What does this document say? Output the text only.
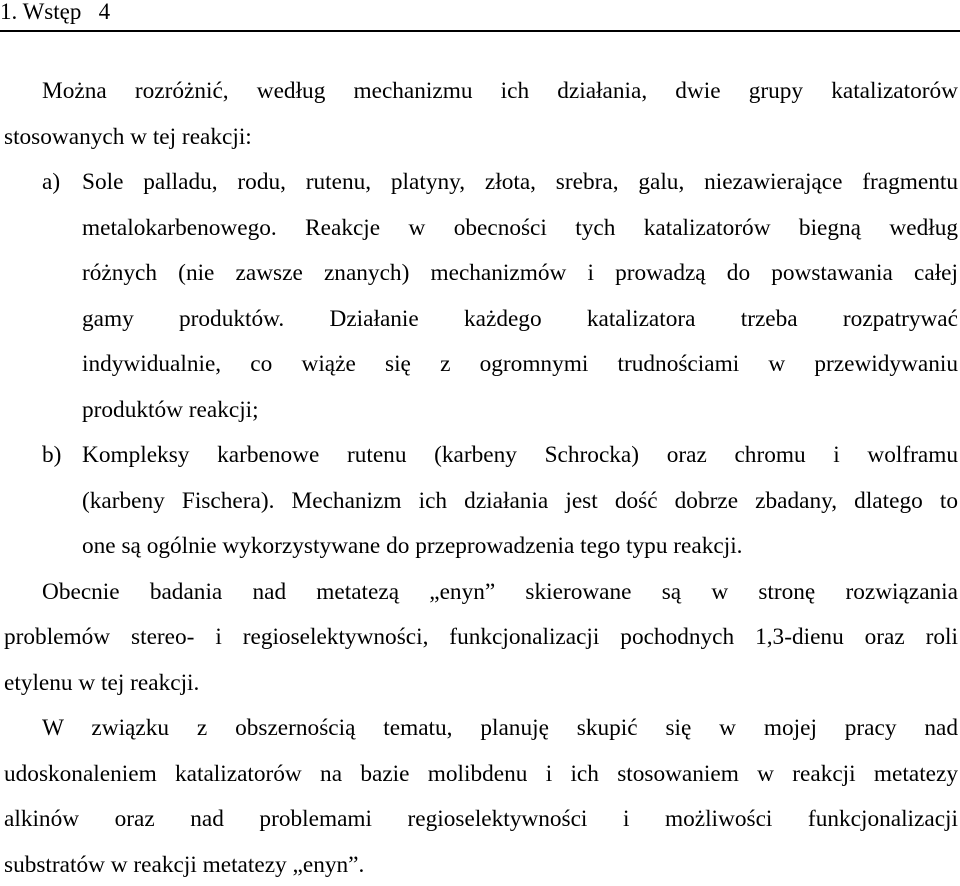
1. Wstęp 4
Można rozróżnić, według mechanizmu ich działania, dwie grupy katalizatorów
stosowanych w tej reakcji:
a) Sole palladu, rodu, rutenu, platyny, złota, srebra, galu, niezawierające fragmentu
metalokarbenowego. Reakcje w obecności tych katalizatorów biegną według
różnych (nie zawsze znanych) mechanizmów i prowadzą do powstawania całej
gamy produktów. Działanie każdego katalizatora trzeba rozpatrywać
indywidualnie, co wiąże się z ogromnymi trudnościami w przewidywaniu
produktów reakcji;
b) Kompleksy karbenowe rutenu (karbeny Schrocka) oraz chromu i wolframu
(karbeny Fischera). Mechanizm ich działania jest dość dobrze zbadany, dlatego to
one są ogólnie wykorzystywane do przeprowadzenia tego typu reakcji.
Obecnie badania nad metatezą „enyn” skierowane są w stronę rozwiązania
problemów stereo- i regioselektywności, funkcjonalizacji pochodnych 1,3-dienu oraz roli
etylenu w tej reakcji.
W związku z obszernością tematu, planuję skupić się w mojej pracy nad
udoskonaleniem katalizatorów na bazie molibdenu i ich stosowaniem w reakcji metatezy
alkinów oraz nad problemami regioselektywności i możliwości funkcjonalizacji
substratów w reakcji metatezy „enyn”.
